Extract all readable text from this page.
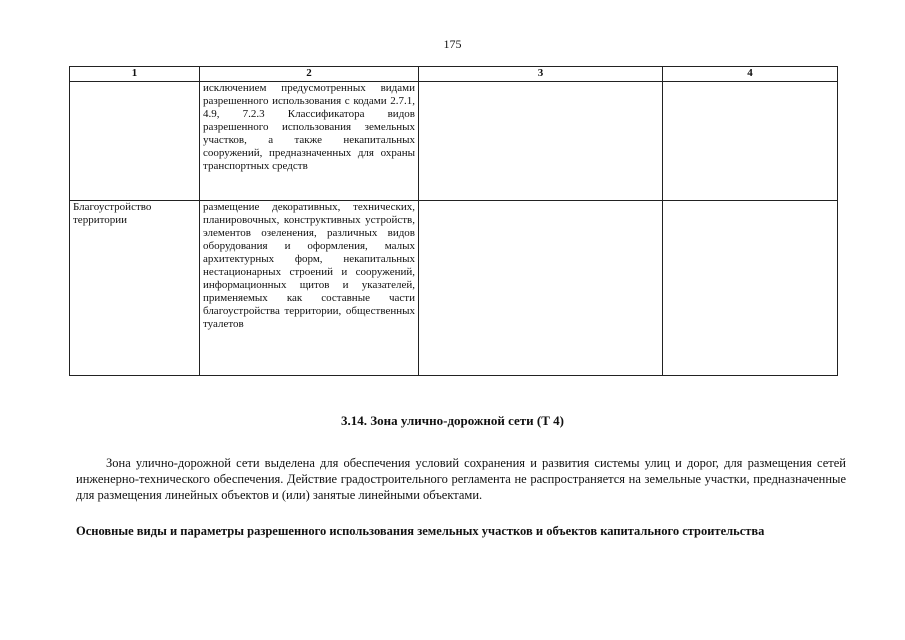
175
1	2	3	4
	исключением предусмотренных видами разрешенного использования с кодами 2.7.1, 4.9, 7.2.3 Классификатора видов разрешенного использования земельных участков, а также некапитальных сооружений, предназначенных для охраны транспортных средств		
Благоустройство территории	размещение декоративных, технических, планировочных, конструктивных устройств, элементов озеленения, различных видов оборудования и оформления, малых архитектурных форм, некапитальных нестационарных строений и сооружений, информационных щитов и указателей, применяемых как составные части благоустройства территории, общественных туалетов		
3.14. Зона улично-дорожной сети (Т 4)
Зона улично-дорожной сети выделена для обеспечения условий сохранения и развития системы улиц и дорог, для размещения сетей инженерно-технического обеспечения. Действие градостроительного регламента не распространяется на земельные участки, предназначенные для размещения линейных объектов и (или) занятые линейными объектами.
Основные виды и параметры разрешенного использования земельных участков и объектов капитального строительства
